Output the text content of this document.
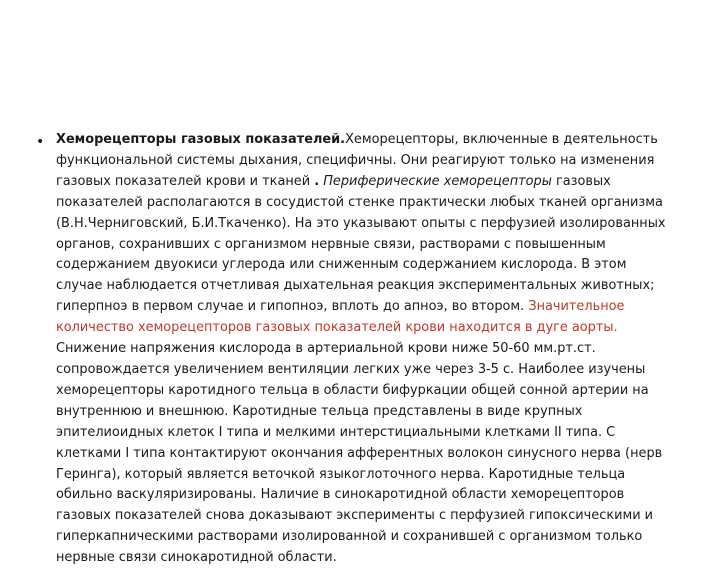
• Хеморецепторы газовых показателей.Хеморецепторы, включенные в деятельность функциональной системы дыхания, специфичны. Они реагируют только на изменения газовых показателей крови и тканей . Периферические хеморецепторы газовых показателей располагаются в сосудистой стенке практически любых тканей организма (В.Н.Черниговский, Б.И.Ткаченко). На это указывают опыты с перфузией изолированных органов, сохранивших с организмом нервные связи, растворами с повышенным содержанием двуокиси углерода или сниженным содержанием кислорода. В этом случае наблюдается отчетливая дыхательная реакция экспериментальных животных; гиперпноэ в первом случае и гипопноэ, вплоть до апноэ, во втором. Значительное количество хеморецепторов газовых показателей крови находится в дуге аорты. Снижение напряжения кислорода в артериальной крови ниже 50-60 мм.рт.ст. сопровождается увеличением вентиляции легких уже через 3-5 с. Наиболее изучены хеморецепторы каротидного тельца в области бифуркации общей сонной артерии на внутреннюю и внешнюю. Каротидные тельца представлены в виде крупных эпителиоидных клеток I типа и мелкими интерстициальными клетками II типа. С клетками I типа контактируют окончания афферентных волокон синусного нерва (нерв Геринга), который является веточкой языкоглоточного нерва. Каротидные тельца обильно васкуляризированы. Наличие в синокаротидной области хеморецепторов газовых показателей снова доказывают эксперименты с перфузией гипоксическими и гиперкапническими растворами изолированной и сохранившей с организмом только нервные связи синокаротидной области.
